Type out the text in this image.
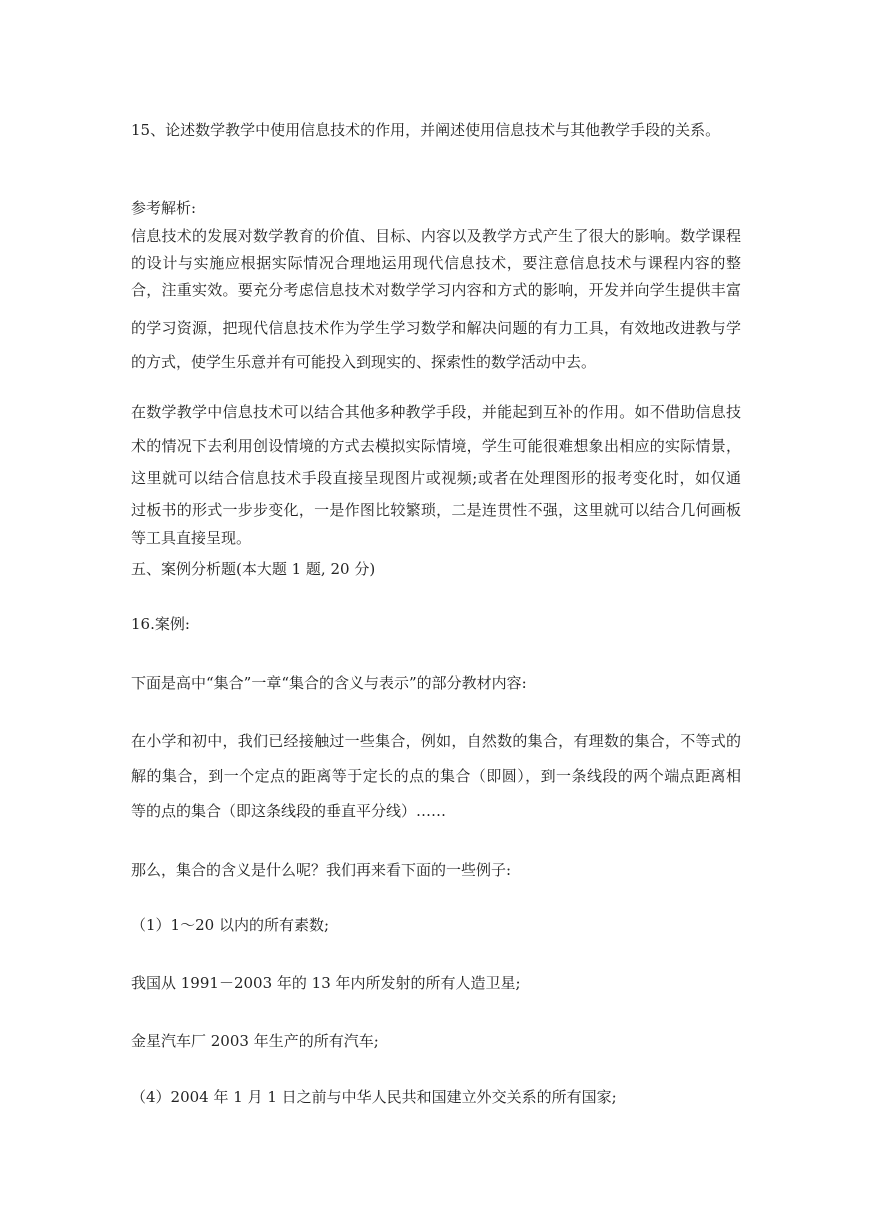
15、论述数学教学中使用信息技术的作用，并阐述使用信息技术与其他教学手段的关系。

参考解析:

信息技术的发展对数学教育的价值、目标、内容以及教学方式产生了很大的影响。数学课程

的设计与实施应根据实际情况合理地运用现代信息技术，要注意信息技术与课程内容的整

合，注重实效。要充分考虑信息技术对数学学习内容和方式的影响，开发并向学生提供丰富

的学习资源，把现代信息技术作为学生学习数学和解决问题的有力工具，有效地改进教与学

的方式，使学生乐意并有可能投入到现实的、探索性的数学活动中去。

在数学教学中信息技术可以结合其他多种教学手段，并能起到互补的作用。如不借助信息技

术的情况下去利用创设情境的方式去模拟实际情境，学生可能很难想象出相应的实际情景，

这里就可以结合信息技术手段直接呈现图片或视频;或者在处理图形的报考变化时，如仅通

过板书的形式一步步变化，一是作图比较繁琐，二是连贯性不强，这里就可以结合几何画板

等工具直接呈现。

五、案例分析题(本大题 1 题, 20 分)

16.案例:

下面是高中“集合”一章“集合的含义与表示”的部分教材内容:

在小学和初中，我们已经接触过一些集合，例如，自然数的集合，有理数的集合，不等式的

解的集合，到一个定点的距离等于定长的点的集合（即圆），到一条线段的两个端点距离相

等的点的集合（即这条线段的垂直平分线）……

那么，集合的含义是什么呢？我们再来看下面的一些例子:

（1）1～20 以内的所有素数;

我国从 1991－2003 年的 13 年内所发射的所有人造卫星;

金星汽车厂 2003 年生产的所有汽车;

（4）2004 年 1 月 1 日之前与中华人民共和国建立外交关系的所有国家;
